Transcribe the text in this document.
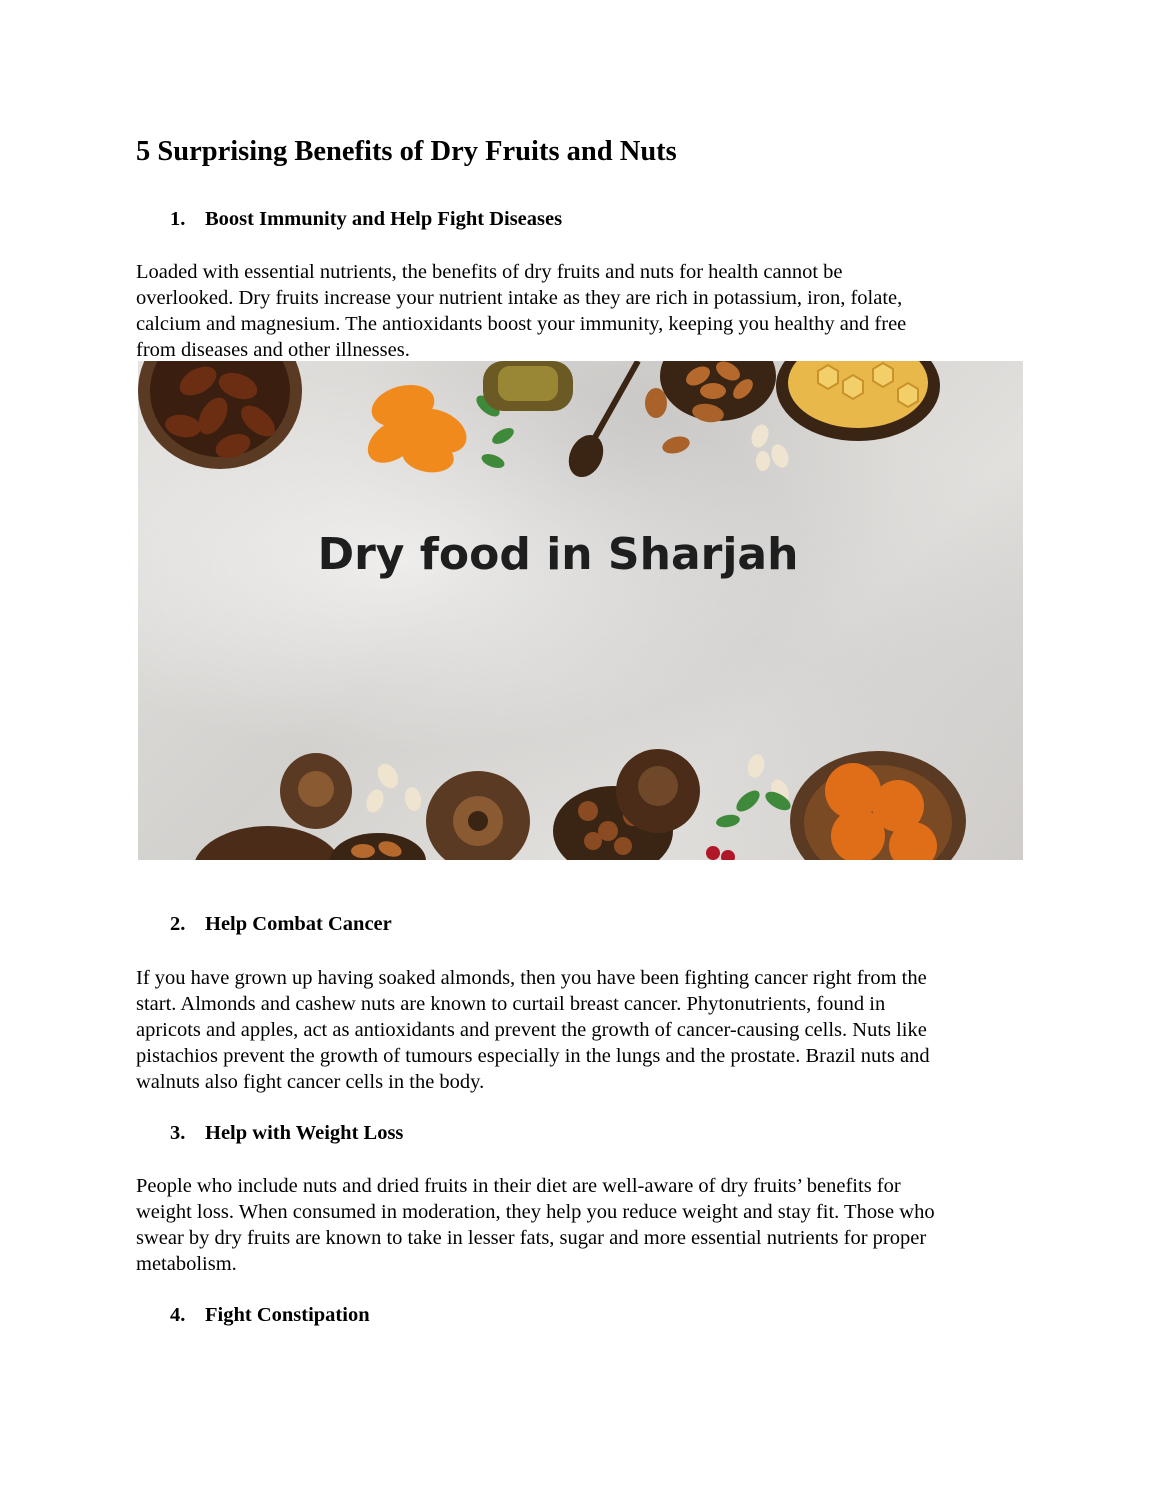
5 Surprising Benefits of Dry Fruits and Nuts
1. Boost Immunity and Help Fight Diseases

Loaded with essential nutrients, the benefits of dry fruits and nuts for health cannot be
overlooked. Dry fruits increase your nutrient intake as they are rich in potassium, iron, folate,
calcium and magnesium. The antioxidants boost your immunity, keeping you healthy and free
from diseases and other illnesses.

Dry food in Sharjah
2. Help Combat Cancer

If you have grown up having soaked almonds, then you have been fighting cancer right from the
start. Almonds and cashew nuts are known to curtail breast cancer. Phytonutrients, found in
apricots and apples, act as antioxidants and prevent the growth of cancer-causing cells. Nuts like
pistachios prevent the growth of tumours especially in the lungs and the prostate. Brazil nuts and
walnuts also fight cancer cells in the body.

3. Help with Weight Loss

People who include nuts and dried fruits in their diet are well-aware of dry fruits’ benefits for
weight loss. When consumed in moderation, they help you reduce weight and stay fit. Those who
swear by dry fruits are known to take in lesser fats, sugar and more essential nutrients for proper
metabolism.

4. Fight Constipation
